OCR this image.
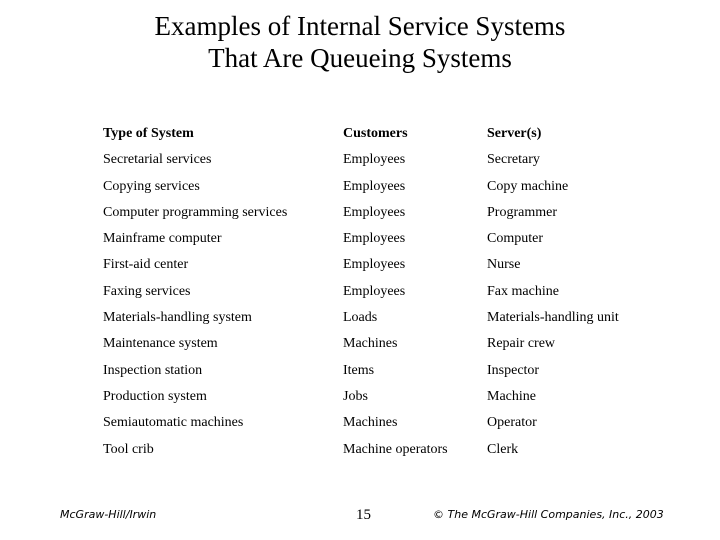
Examples of Internal Service Systems
That Are Queueing Systems
Type of System	Customers	Server(s)
Secretarial services	Employees	Secretary
Copying services	Employees	Copy machine
Computer programming services	Employees	Programmer
Mainframe computer	Employees	Computer
First-aid center	Employees	Nurse
Faxing services	Employees	Fax machine
Materials-handling system	Loads	Materials-handling unit
Maintenance system	Machines	Repair crew
Inspection station	Items	Inspector
Production system	Jobs	Machine
Semiautomatic machines	Machines	Operator
Tool crib	Machine operators	Clerk
McGraw-Hill/Irwin	15	© The McGraw-Hill Companies, Inc., 2003
